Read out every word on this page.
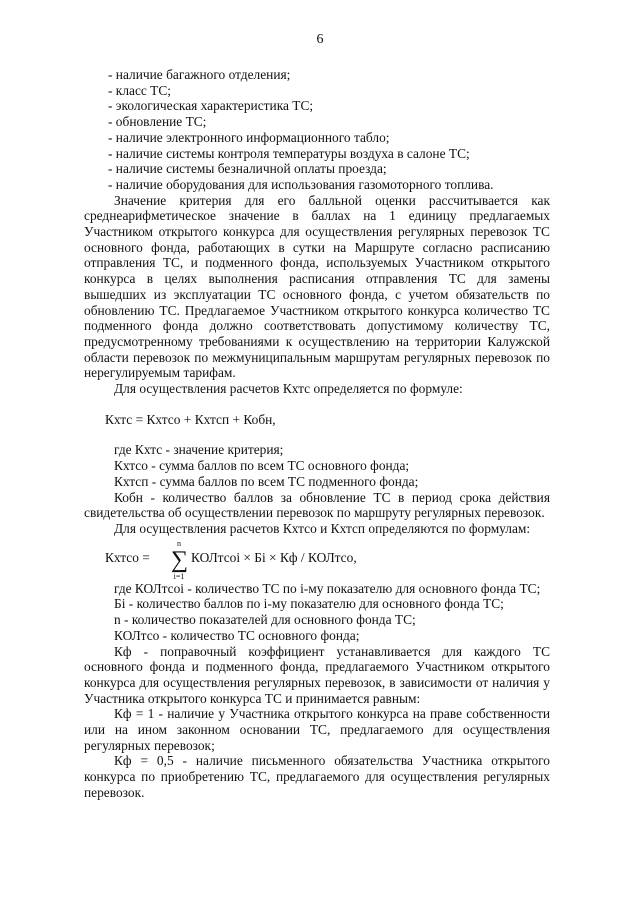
6

- наличие багажного отделения;

- класс ТС;

- экологическая характеристика ТС;

- обновление ТС;

- наличие электронного информационного табло;

- наличие системы контроля температуры воздуха в салоне ТС;

- наличие системы безналичной оплаты проезда;

- наличие оборудования для использования газомоторного топлива.

Значение критерия для его балльной оценки рассчитывается как среднеарифметическое значение в баллах на 1 единицу предлагаемых Участником открытого конкурса для осуществления регулярных перевозок ТС основного фонда, работающих в сутки на Маршруте согласно расписанию отправления ТС, и подменного фонда, используемых Участником открытого конкурса в целях выполнения расписания отправления ТС для замены вышедших из эксплуатации ТС основного фонда, с учетом обязательств по обновлению ТС. Предлагаемое Участником открытого конкурса количество ТС подменного фонда должно соответствовать допустимому количеству ТС, предусмотренному требованиями к осуществлению на территории Калужской области перевозок по межмуниципальным маршрутам регулярных перевозок по нерегулируемым тарифам.

Для осуществления расчетов Кхтс определяется по формуле:

Кхтс = Кхтсо + Кхтсп + Кобн,

где Кхтс - значение критерия;

Кхтсо - сумма баллов по всем ТС основного фонда;

Кхтсп - сумма баллов по всем ТС подменного фонда;

Кобн - количество баллов за обновление ТС в период срока действия свидетельства об осуществлении перевозок по маршруту регулярных перевозок.

Для осуществления расчетов Кхтсо и Кхтсп определяются по формулам:

Кхтсо =
n
∑
i=1
КОЛтсоi × Бi × Кф / КОЛтсо,

где КОЛтсоi - количество ТС по i-му показателю для основного фонда ТС;

Бi - количество баллов по i-му показателю для основного фонда ТС;

n - количество показателей для основного фонда ТС;

КОЛтсо - количество ТС основного фонда;

Кф - поправочный коэффициент устанавливается для каждого ТС основного фонда и подменного фонда, предлагаемого Участником открытого конкурса для осуществления регулярных перевозок, в зависимости от наличия у Участника открытого конкурса ТС и принимается равным:

Кф = 1 - наличие у Участника открытого конкурса на праве собственности или на ином законном основании ТС, предлагаемого для осуществления регулярных перевозок;

Кф = 0,5 - наличие письменного обязательства Участника открытого конкурса по приобретению ТС, предлагаемого для осуществления регулярных перевозок.
